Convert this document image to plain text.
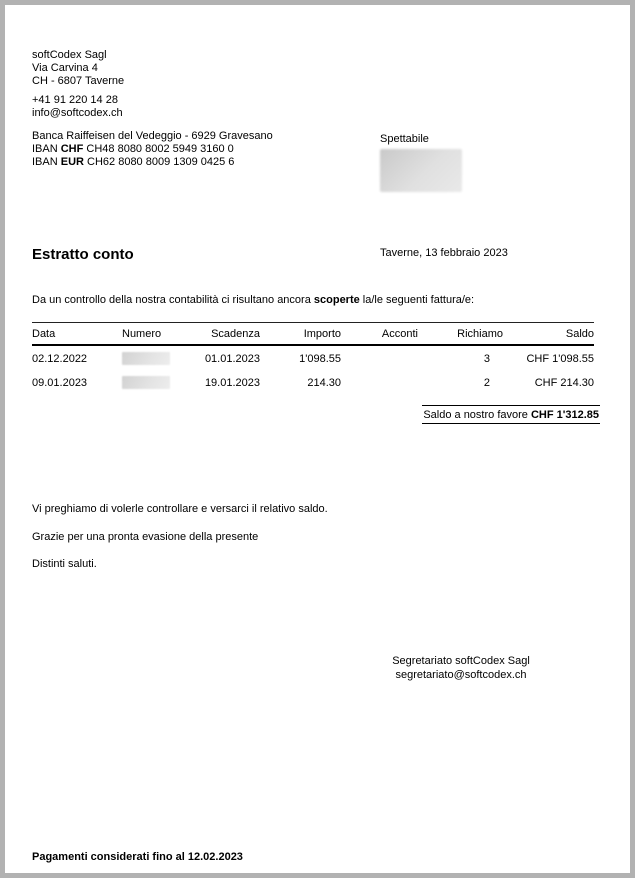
softCodex Sagl
Via Carvina 4
CH - 6807 Taverne
+41 91 220 14 28
info@softcodex.ch
Banca Raiffeisen del Vedeggio - 6929 Gravesano
IBAN CHF CH48 8080 8002 5949 3160 0
IBAN EUR CH62 8080 8009 1309 0425 6
Spettabile
Estratto conto	Taverne, 13 febbraio 2023
Da un controllo della nostra contabilità ci risultano ancora scoperte la/le seguenti fattura/e:
Data	Numero	Scadenza	Importo	Acconti	Richiamo	Saldo
02.12.2022		01.01.2023	1'098.55		3	CHF 1'098.55
09.01.2023		19.01.2023	214.30		2	CHF 214.30
Saldo a nostro favore CHF 1'312.85

Vi preghiamo di volerle controllare e versarci il relativo saldo.

Grazie per una pronta evasione della presente

Distinti saluti.

Segretariato softCodex Sagl
segretariato@softcodex.ch
Pagamenti considerati fino al 12.02.2023
